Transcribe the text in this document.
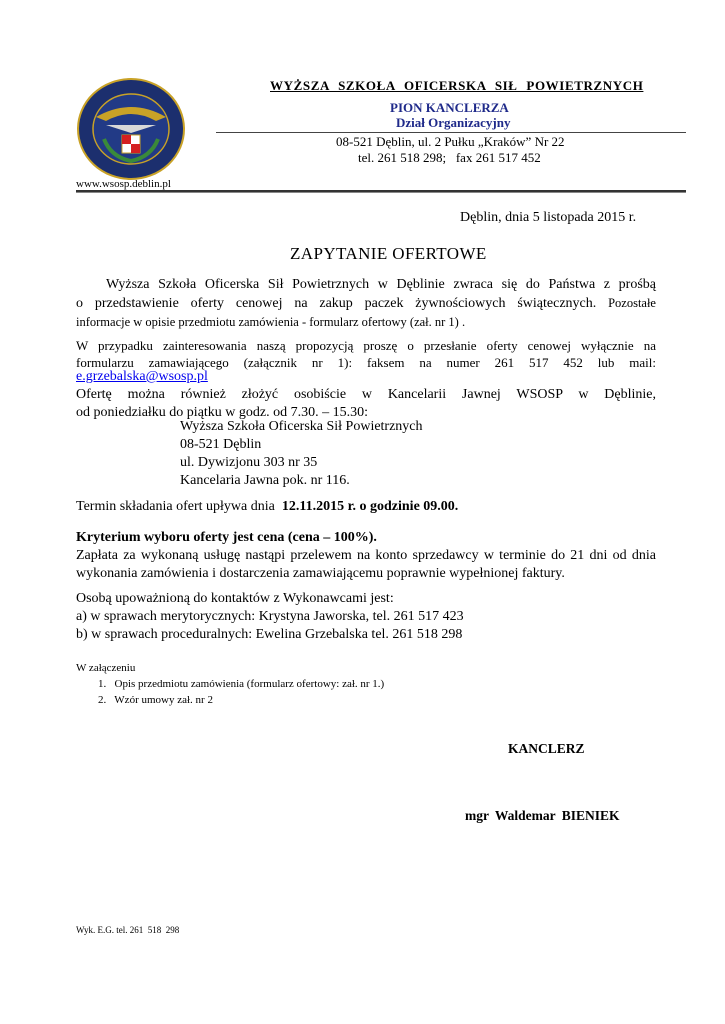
www.wsosp.deblin.pl
WYŻSZA SZKOŁA OFICERSKA SIŁ POWIETRZNYCH
PION KANCLERZA
Dział Organizacyjny
08-521 Dęblin, ul. 2 Pułku „Kraków” Nr 22
tel. 261 518 298;   fax 261 517 452
Dęblin, dnia 5 listopada 2015 r.
ZAPYTANIE OFERTOWE
Wyższa Szkoła Oficerska Sił Powietrznych w Dęblinie zwraca się do Państwa z prośbą
o przedstawienie oferty cenowej na zakup paczek żywnościowych świątecznych. Pozostałe
informacje w opisie przedmiotu zamówienia - formularz ofertowy (zał. nr 1) .
W przypadku zainteresowania naszą propozycją proszę o przesłanie oferty cenowej wyłącznie na
formularzu zamawiającego (załącznik nr 1): faksem na numer 261 517 452 lub mail:
e.grzebalska@wsosp.pl
Ofertę można również złożyć osobiście w Kancelarii Jawnej WSOSP w Dęblinie,
od poniedziałku do piątku w godz. od 7.30. – 15.30:
Wyższa Szkoła Oficerska Sił Powietrznych
08-521 Dęblin
ul. Dywizjonu 303 nr 35
Kancelaria Jawna pok. nr 116.
Termin składania ofert upływa dnia 12.11.2015 r. o godzinie 09.00.
Kryterium wyboru oferty jest cena (cena – 100%).
Zapłata za wykonaną usługę nastąpi przelewem na konto sprzedawcy w terminie do 21 dni od dnia
wykonania zamówienia i dostarczenia zamawiającemu poprawnie wypełnionej faktury.
Osobą upoważnioną do kontaktów z Wykonawcami jest:
a) w sprawach merytorycznych: Krystyna Jaworska, tel. 261 517 423
b) w sprawach proceduralnych: Ewelina Grzebalska tel. 261 518 298
W załączeniu
1.   Opis przedmiotu zamówienia (formularz ofertowy: zał. nr 1.)
2.   Wzór umowy zał. nr 2
KANCLERZ
mgr Waldemar BIENIEK
Wyk. E.G. tel. 261  518  298
